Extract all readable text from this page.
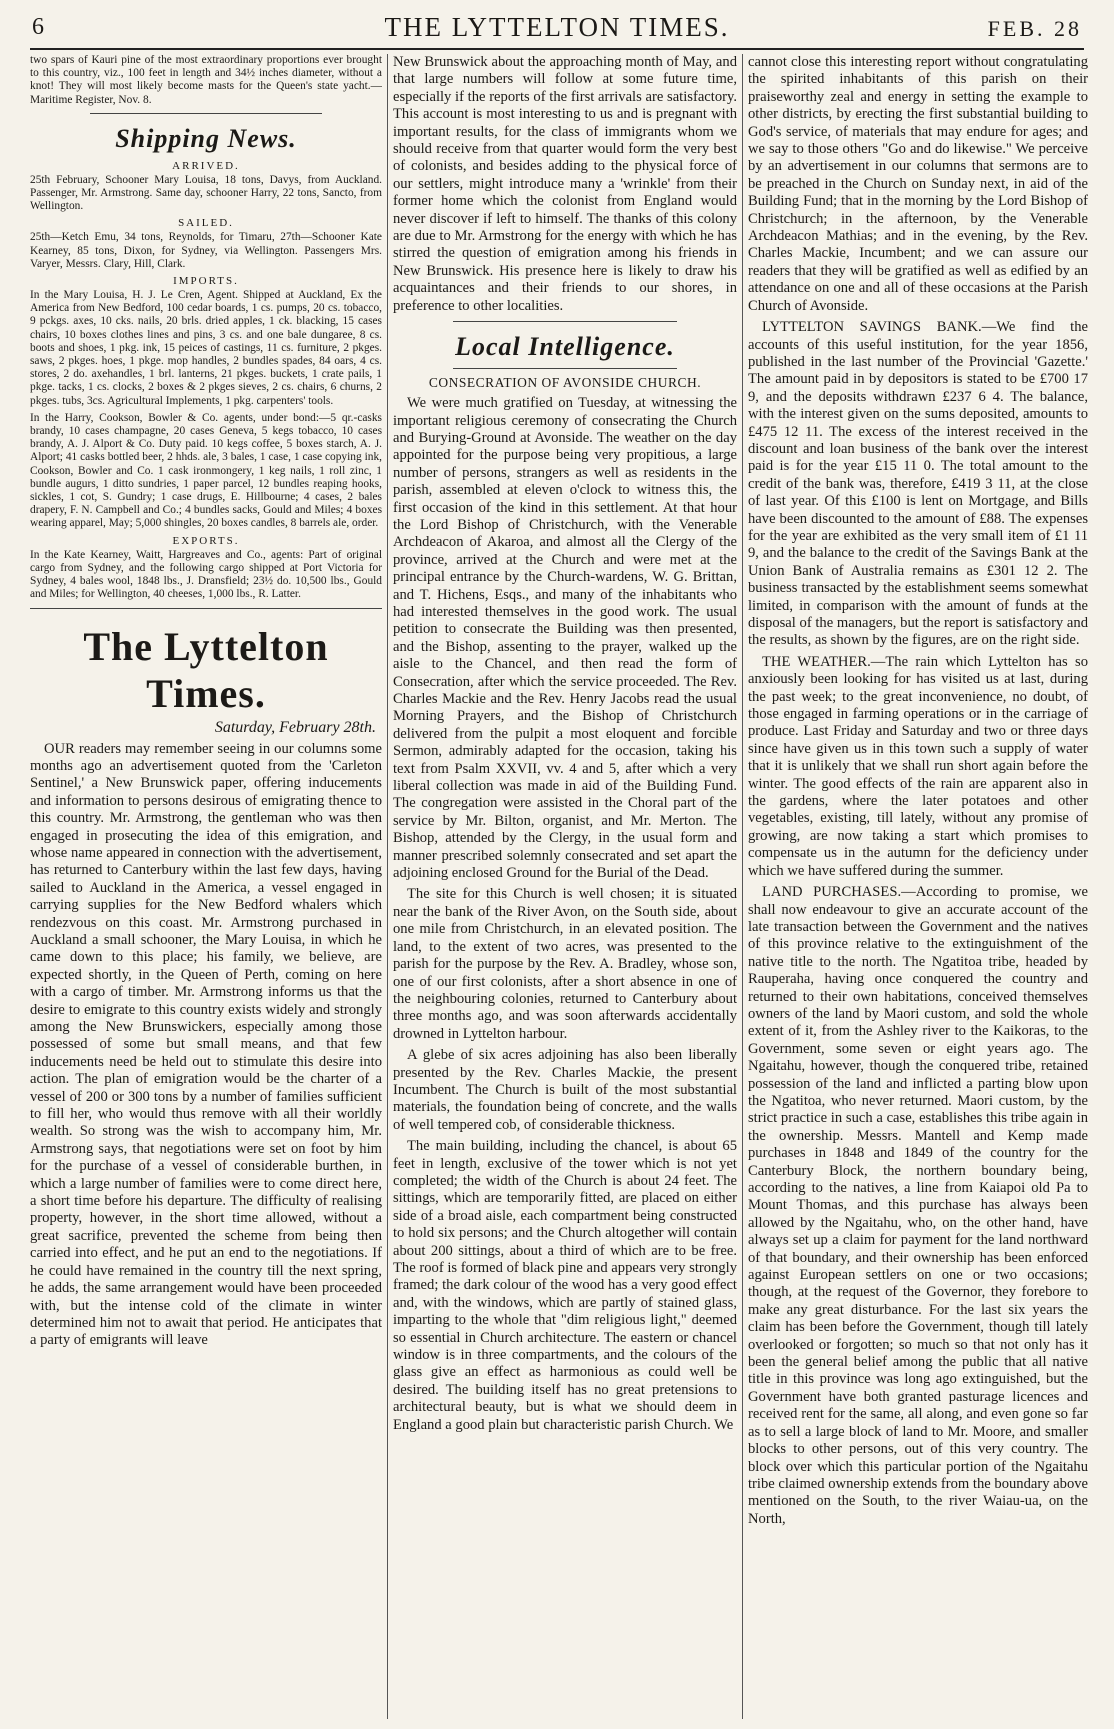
6	THE LYTTELTON TIMES.	FEB. 28

two spars of Kauri pine of the most extraordinary proportions ever brought to this country, viz., 100 feet in length and 34½ inches diameter, without a knot! They will most likely become masts for the Queen's state yacht.—Maritime Register, Nov. 8.

Shipping News.
ARRIVED.

25th February, Schooner Mary Louisa, 18 tons, Davys, from Auckland. Passenger, Mr. Armstrong. Same day, schooner Harry, 22 tons, Sancto, from Wellington.

SAILED.

25th—Ketch Emu, 34 tons, Reynolds, for Timaru, 27th—Schooner Kate Kearney, 85 tons, Dixon, for Sydney, via Wellington. Passengers Mrs. Varyer, Messrs. Clary, Hill, Clark.

IMPORTS.

In the Mary Louisa, H. J. Le Cren, Agent. Shipped at Auckland, Ex the America from New Bedford, 100 cedar boards, 1 cs. pumps, 20 cs. tobacco, 9 pckgs. axes, 10 cks. nails, 20 brls. dried apples, 1 ck. blacking, 15 cases chairs, 10 boxes clothes lines and pins, 3 cs. and one bale dungaree, 8 cs. boots and shoes, 1 pkg. ink, 15 peices of castings, 11 cs. furniture, 2 pkges. saws, 2 pkges. hoes, 1 pkge. mop handles, 2 bundles spades, 84 oars, 4 cs. stores, 2 do. axehandles, 1 brl. lanterns, 21 pkges. buckets, 1 crate pails, 1 pkge. tacks, 1 cs. clocks, 2 boxes & 2 pkges sieves, 2 cs. chairs, 6 churns, 2 pkges. tubs, 3cs. Agricultural Implements, 1 pkg. carpenters' tools.

In the Harry, Cookson, Bowler & Co. agents, under bond:—5 qr.-casks brandy, 10 cases champagne, 20 cases Geneva, 5 kegs tobacco, 10 cases brandy, A. J. Alport & Co. Duty paid. 10 kegs coffee, 5 boxes starch, A. J. Alport; 41 casks bottled beer, 2 hhds. ale, 3 bales, 1 case, 1 case copying ink, Cookson, Bowler and Co. 1 cask ironmongery, 1 keg nails, 1 roll zinc, 1 bundle augurs, 1 ditto sundries, 1 paper parcel, 12 bundles reaping hooks, sickles, 1 cot, S. Gundry; 1 case drugs, E. Hillbourne; 4 cases, 2 bales drapery, F. N. Campbell and Co.; 4 bundles sacks, Gould and Miles; 4 boxes wearing apparel, May; 5,000 shingles, 20 boxes candles, 8 barrels ale, order.

EXPORTS.

In the Kate Kearney, Waitt, Hargreaves and Co., agents: Part of original cargo from Sydney, and the following cargo shipped at Port Victoria for Sydney, 4 bales wool, 1848 lbs., J. Dransfield; 23½ do. 10,500 lbs., Gould and Miles; for Wellington, 40 cheeses, 1,000 lbs., R. Latter.

The Lyttelton Times.
Saturday, February 28th.

OUR readers may remember seeing in our columns some months ago an advertisement quoted from the 'Carleton Sentinel,' a New Brunswick paper, offering inducements and information to persons desirous of emigrating thence to this country. Mr. Armstrong, the gentleman who was then engaged in prosecuting the idea of this emigration, and whose name appeared in connection with the advertisement, has returned to Canterbury within the last few days, having sailed to Auckland in the America, a vessel engaged in carrying supplies for the New Bedford whalers which rendezvous on this coast. Mr. Armstrong purchased in Auckland a small schooner, the Mary Louisa, in which he came down to this place; his family, we believe, are expected shortly, in the Queen of Perth, coming on here with a cargo of timber. Mr. Armstrong informs us that the desire to emigrate to this country exists widely and strongly among the New Brunswickers, especially among those possessed of some but small means, and that few inducements need be held out to stimulate this desire into action. The plan of emigration would be the charter of a vessel of 200 or 300 tons by a number of families sufficient to fill her, who would thus remove with all their worldly wealth. So strong was the wish to accompany him, Mr. Armstrong says, that negotiations were set on foot by him for the purchase of a vessel of considerable burthen, in which a large number of families were to come direct here, a short time before his departure. The difficulty of realising property, however, in the short time allowed, without a great sacrifice, prevented the scheme from being then carried into effect, and he put an end to the negotiations. If he could have remained in the country till the next spring, he adds, the same arrangement would have been proceeded with, but the intense cold of the climate in winter determined him not to await that period. He anticipates that a party of emigrants will leave

New Brunswick about the approaching month of May, and that large numbers will follow at some future time, especially if the reports of the first arrivals are satisfactory. This account is most interesting to us and is pregnant with important results, for the class of immigrants whom we should receive from that quarter would form the very best of colonists, and besides adding to the physical force of our settlers, might introduce many a 'wrinkle' from their former home which the colonist from England would never discover if left to himself. The thanks of this colony are due to Mr. Armstrong for the energy with which he has stirred the question of emigration among his friends in New Brunswick. His presence here is likely to draw his acquaintances and their friends to our shores, in preference to other localities.

Local Intelligence.
CONSECRATION OF AVONSIDE CHURCH.

We were much gratified on Tuesday, at witnessing the important religious ceremony of consecrating the Church and Burying-Ground at Avonside. The weather on the day appointed for the purpose being very propitious, a large number of persons, strangers as well as residents in the parish, assembled at eleven o'clock to witness this, the first occasion of the kind in this settlement. At that hour the Lord Bishop of Christchurch, with the Venerable Archdeacon of Akaroa, and almost all the Clergy of the province, arrived at the Church and were met at the principal entrance by the Church-wardens, W. G. Brittan, and T. Hichens, Esqs., and many of the inhabitants who had interested themselves in the good work. The usual petition to consecrate the Building was then presented, and the Bishop, assenting to the prayer, walked up the aisle to the Chancel, and then read the form of Consecration, after which the service proceeded. The Rev. Charles Mackie and the Rev. Henry Jacobs read the usual Morning Prayers, and the Bishop of Christchurch delivered from the pulpit a most eloquent and forcible Sermon, admirably adapted for the occasion, taking his text from Psalm XXVII, vv. 4 and 5, after which a very liberal collection was made in aid of the Building Fund. The congregation were assisted in the Choral part of the service by Mr. Bilton, organist, and Mr. Merton. The Bishop, attended by the Clergy, in the usual form and manner prescribed solemnly consecrated and set apart the adjoining enclosed Ground for the Burial of the Dead.

The site for this Church is well chosen; it is situated near the bank of the River Avon, on the South side, about one mile from Christchurch, in an elevated position. The land, to the extent of two acres, was presented to the parish for the purpose by the Rev. A. Bradley, whose son, one of our first colonists, after a short absence in one of the neighbouring colonies, returned to Canterbury about three months ago, and was soon afterwards accidentally drowned in Lyttelton harbour.

A glebe of six acres adjoining has also been liberally presented by the Rev. Charles Mackie, the present Incumbent. The Church is built of the most substantial materials, the foundation being of concrete, and the walls of well tempered cob, of considerable thickness.

The main building, including the chancel, is about 65 feet in length, exclusive of the tower which is not yet completed; the width of the Church is about 24 feet. The sittings, which are temporarily fitted, are placed on either side of a broad aisle, each compartment being constructed to hold six persons; and the Church altogether will contain about 200 sittings, about a third of which are to be free. The roof is formed of black pine and appears very strongly framed; the dark colour of the wood has a very good effect and, with the windows, which are partly of stained glass, imparting to the whole that "dim religious light," deemed so essential in Church architecture. The eastern or chancel window is in three compartments, and the colours of the glass give an effect as harmonious as could well be desired. The building itself has no great pretensions to architectural beauty, but is what we should deem in England a good plain but characteristic parish Church. We

cannot close this interesting report without congratulating the spirited inhabitants of this parish on their praiseworthy zeal and energy in setting the example to other districts, by erecting the first substantial building to God's service, of materials that may endure for ages; and we say to those others "Go and do likewise." We perceive by an advertisement in our columns that sermons are to be preached in the Church on Sunday next, in aid of the Building Fund; that in the morning by the Lord Bishop of Christchurch; in the afternoon, by the Venerable Archdeacon Mathias; and in the evening, by the Rev. Charles Mackie, Incumbent; and we can assure our readers that they will be gratified as well as edified by an attendance on one and all of these occasions at the Parish Church of Avonside.

LYTTELTON SAVINGS BANK.—We find the accounts of this useful institution, for the year 1856, published in the last number of the Provincial 'Gazette.' The amount paid in by depositors is stated to be £700 17 9, and the deposits withdrawn £237 6 4. The balance, with the interest given on the sums deposited, amounts to £475 12 11. The excess of the interest received in the discount and loan business of the bank over the interest paid is for the year £15 11 0. The total amount to the credit of the bank was, therefore, £419 3 11, at the close of last year. Of this £100 is lent on Mortgage, and Bills have been discounted to the amount of £88. The expenses for the year are exhibited as the very small item of £1 11 9, and the balance to the credit of the Savings Bank at the Union Bank of Australia remains as £301 12 2. The business transacted by the establishment seems somewhat limited, in comparison with the amount of funds at the disposal of the managers, but the report is satisfactory and the results, as shown by the figures, are on the right side.

THE WEATHER.—The rain which Lyttelton has so anxiously been looking for has visited us at last, during the past week; to the great inconvenience, no doubt, of those engaged in farming operations or in the carriage of produce. Last Friday and Saturday and two or three days since have given us in this town such a supply of water that it is unlikely that we shall run short again before the winter. The good effects of the rain are apparent also in the gardens, where the later potatoes and other vegetables, existing, till lately, without any promise of growing, are now taking a start which promises to compensate us in the autumn for the deficiency under which we have suffered during the summer.

LAND PURCHASES.—According to promise, we shall now endeavour to give an accurate account of the late transaction between the Government and the natives of this province relative to the extinguishment of the native title to the north. The Ngatitoa tribe, headed by Rauperaha, having once conquered the country and returned to their own habitations, conceived themselves owners of the land by Maori custom, and sold the whole extent of it, from the Ashley river to the Kaikoras, to the Government, some seven or eight years ago. The Ngaitahu, however, though the conquered tribe, retained possession of the land and inflicted a parting blow upon the Ngatitoa, who never returned. Maori custom, by the strict practice in such a case, establishes this tribe again in the ownership. Messrs. Mantell and Kemp made purchases in 1848 and 1849 of the country for the Canterbury Block, the northern boundary being, according to the natives, a line from Kaiapoi old Pa to Mount Thomas, and this purchase has always been allowed by the Ngaitahu, who, on the other hand, have always set up a claim for payment for the land northward of that boundary, and their ownership has been enforced against European settlers on one or two occasions; though, at the request of the Governor, they forebore to make any great disturbance. For the last six years the claim has been before the Government, though till lately overlooked or forgotten; so much so that not only has it been the general belief among the public that all native title in this province was long ago extinguished, but the Government have both granted pasturage licences and received rent for the same, all along, and even gone so far as to sell a large block of land to Mr. Moore, and smaller blocks to other persons, out of this very country. The block over which this particular portion of the Ngaitahu tribe claimed ownership extends from the boundary above mentioned on the South, to the river Waiau-ua, on the North,
